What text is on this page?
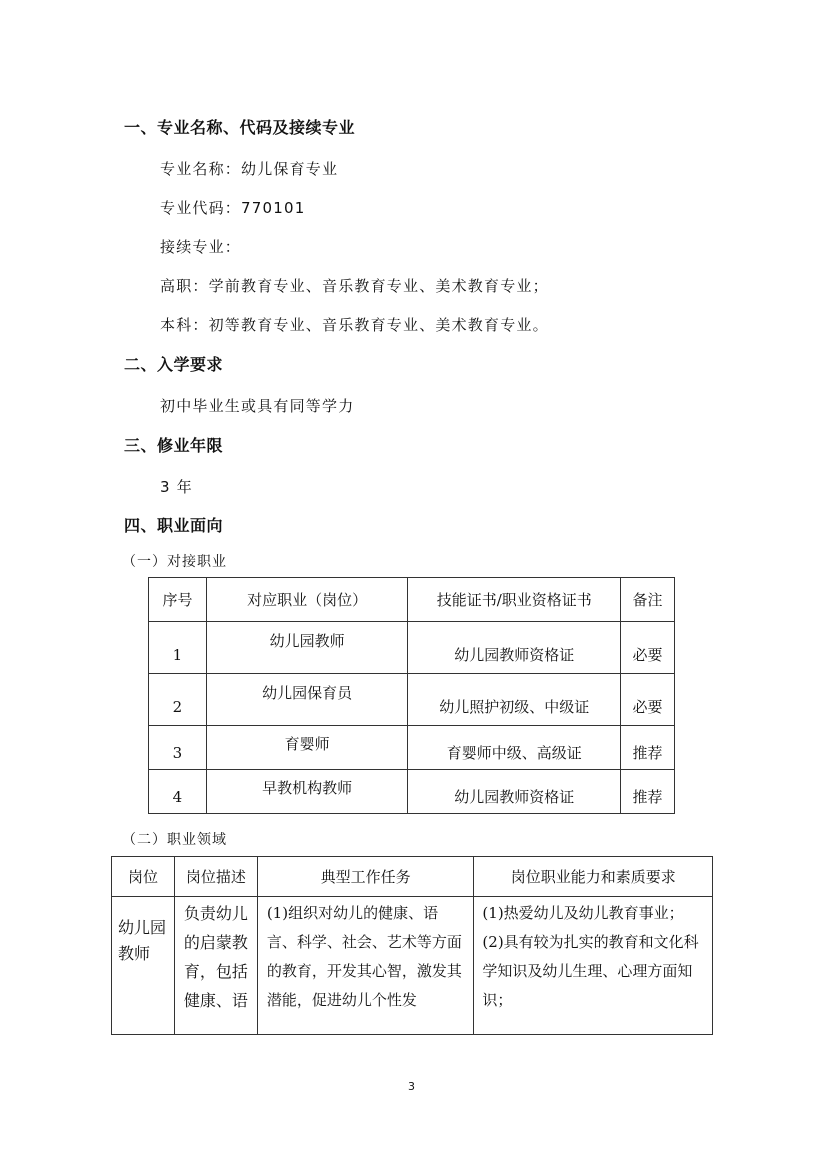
一、专业名称、代码及接续专业
专业名称：幼儿保育专业
专业代码：770101
接续专业：
高职：学前教育专业、音乐教育专业、美术教育专业；
本科：初等教育专业、音乐教育专业、美术教育专业。
二、入学要求
初中毕业生或具有同等学力
三、修业年限
3 年
四、职业面向
（一）对接职业
序号	对应职业（岗位）	技能证书/职业资格证书	备注
1	幼儿园教师	幼儿园教师资格证	必要
2	幼儿园保育员	幼儿照护初级、中级证	必要
3	育婴师	育婴师中级、高级证	推荐
4	早教机构教师	幼儿园教师资格证	推荐
（二）职业领域
岗位	岗位描述	典型工作任务	岗位职业能力和素质要求
幼儿园教师	负责幼儿的启蒙教育，包括健康、语	(1)组织对幼儿的健康、语言、科学、社会、艺术等方面的教育，开发其心智，激发其潜能，促进幼儿个性发	(1)热爱幼儿及幼儿教育事业；
(2)具有较为扎实的教育和文化科学知识及幼儿生理、心理方面知识；
3
